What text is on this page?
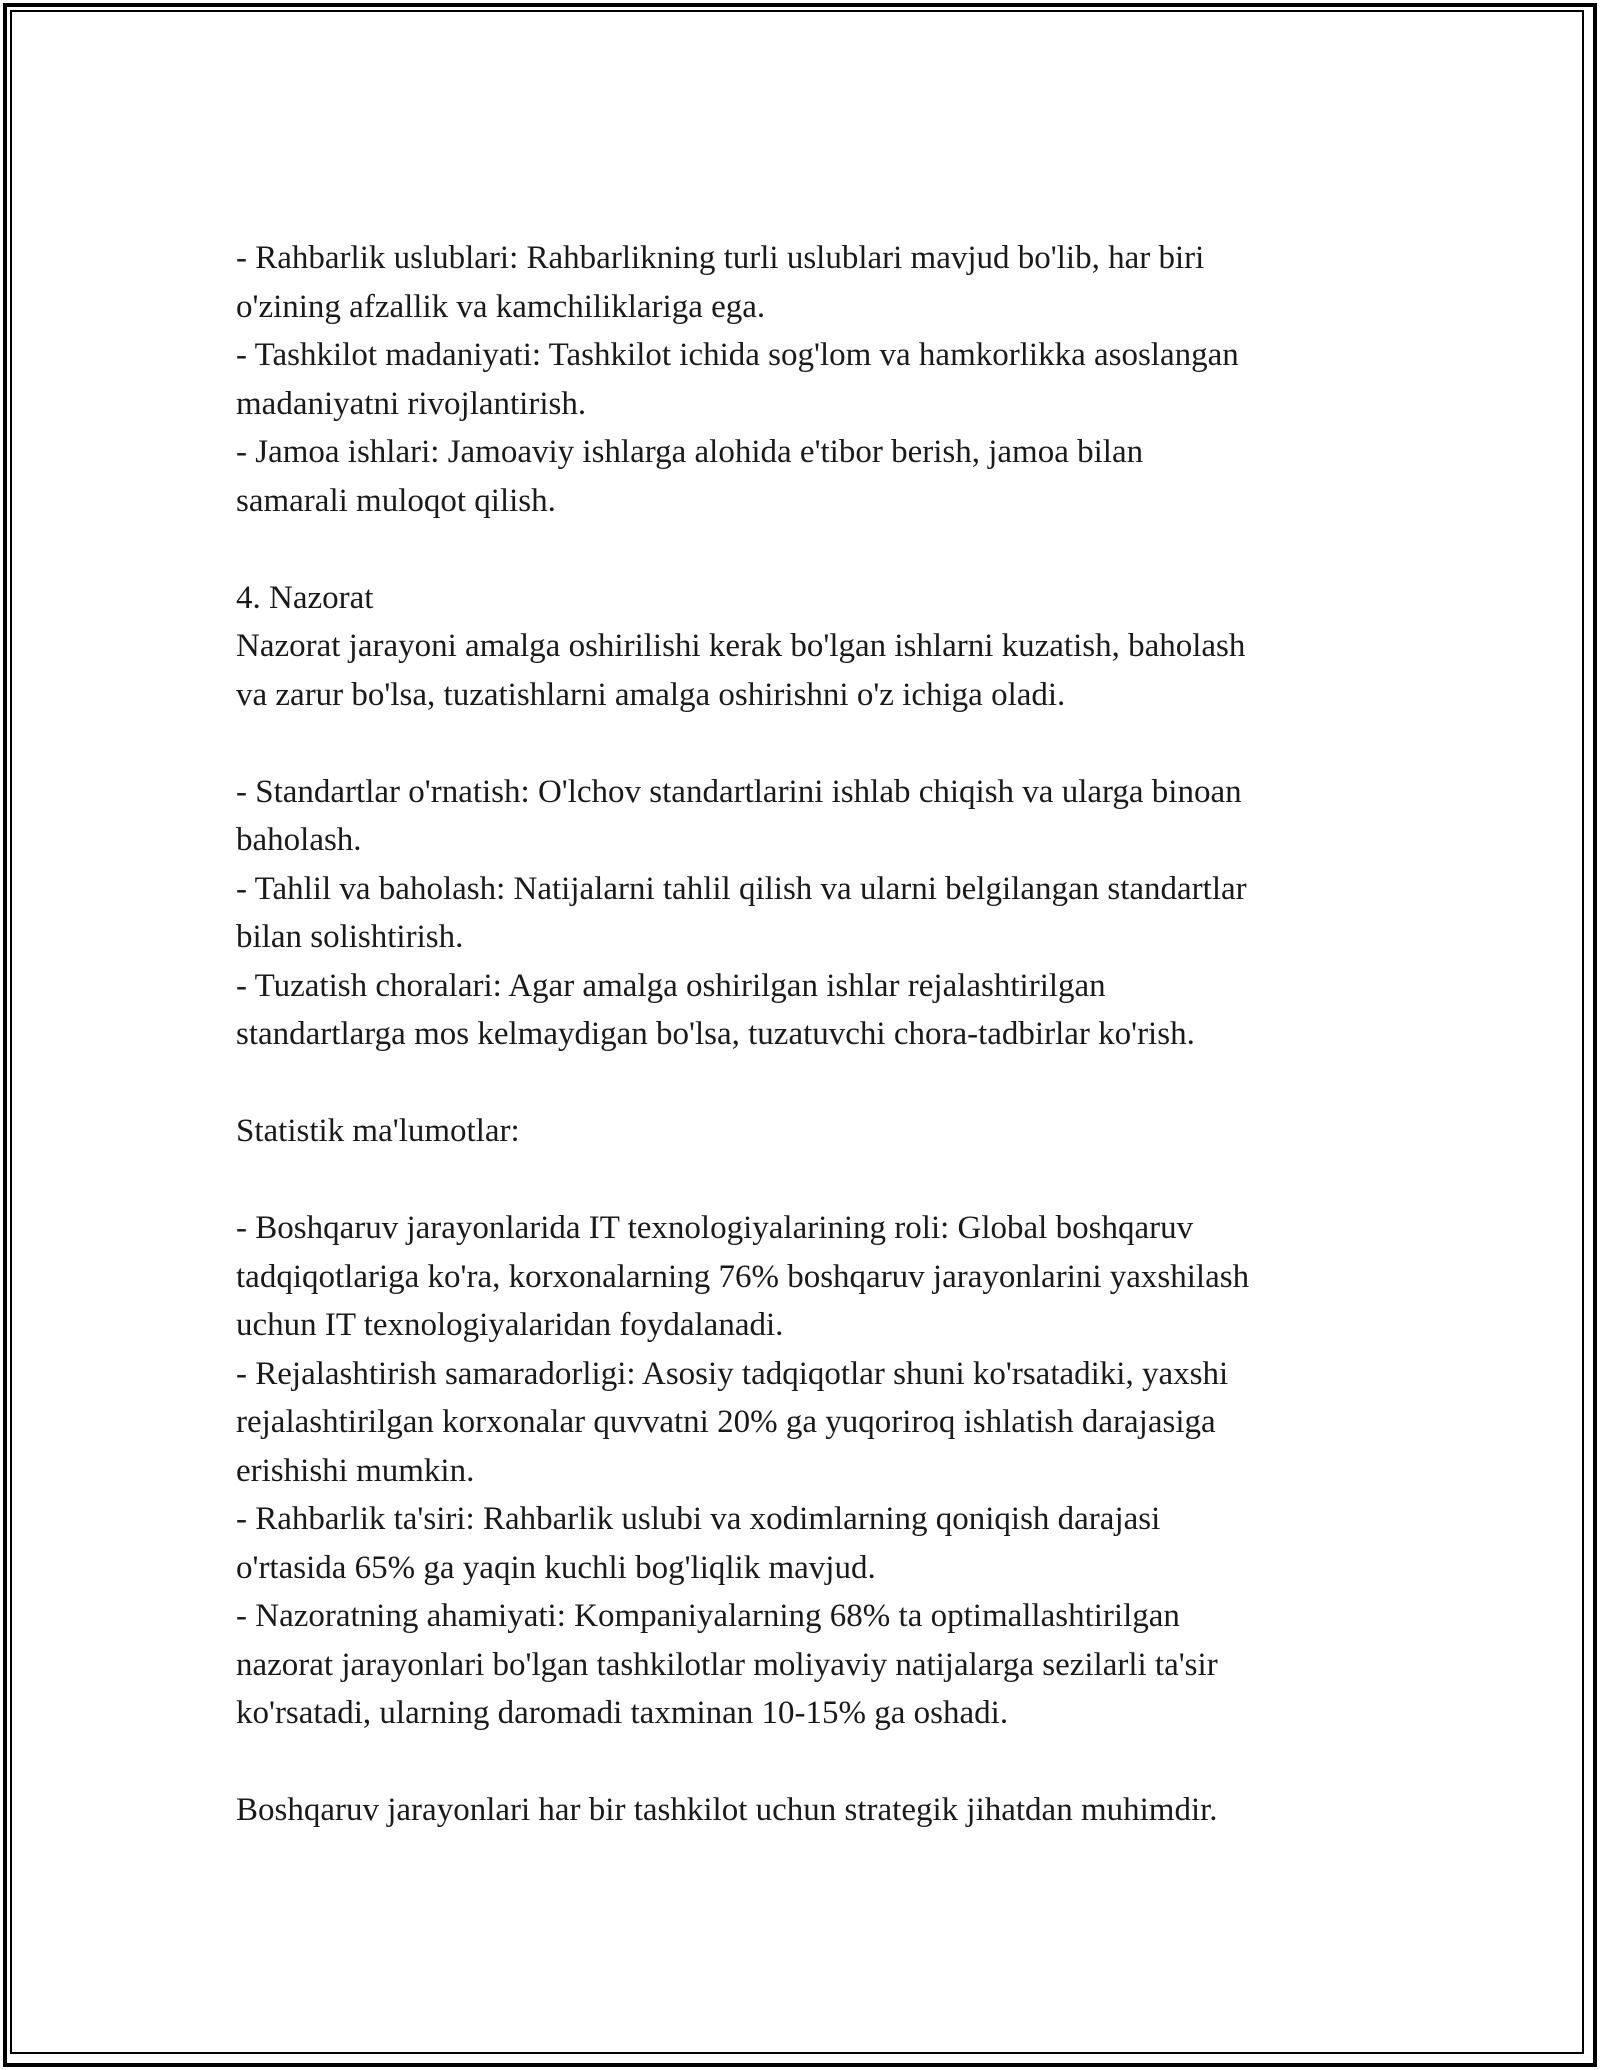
- Rahbarlik uslublari: Rahbarlikning turli uslublari mavjud bo'lib, har biri

o'zining afzallik va kamchiliklariga ega.

- Tashkilot madaniyati: Tashkilot ichida sog'lom va hamkorlikka asoslangan

madaniyatni rivojlantirish.

- Jamoa ishlari: Jamoaviy ishlarga alohida e'tibor berish, jamoa bilan

samarali muloqot qilish.

4. Nazorat

Nazorat jarayoni amalga oshirilishi kerak bo'lgan ishlarni kuzatish, baholash

va zarur bo'lsa, tuzatishlarni amalga oshirishni o'z ichiga oladi.

- Standartlar o'rnatish: O'lchov standartlarini ishlab chiqish va ularga binoan

baholash.

- Tahlil va baholash: Natijalarni tahlil qilish va ularni belgilangan standartlar

bilan solishtirish.

- Tuzatish choralari: Agar amalga oshirilgan ishlar rejalashtirilgan

standartlarga mos kelmaydigan bo'lsa, tuzatuvchi chora-tadbirlar ko'rish.

Statistik ma'lumotlar:

- Boshqaruv jarayonlarida IT texnologiyalarining roli: Global boshqaruv

tadqiqotlariga ko'ra, korxonalarning 76% boshqaruv jarayonlarini yaxshilash

uchun IT texnologiyalaridan foydalanadi.

- Rejalashtirish samaradorligi: Asosiy tadqiqotlar shuni ko'rsatadiki, yaxshi

rejalashtirilgan korxonalar quvvatni 20% ga yuqoriroq ishlatish darajasiga

erishishi mumkin.

- Rahbarlik ta'siri: Rahbarlik uslubi va xodimlarning qoniqish darajasi

o'rtasida 65% ga yaqin kuchli bog'liqlik mavjud.

- Nazoratning ahamiyati: Kompaniyalarning 68% ta optimallashtirilgan

nazorat jarayonlari bo'lgan tashkilotlar moliyaviy natijalarga sezilarli ta'sir

ko'rsatadi, ularning daromadi taxminan 10-15% ga oshadi.

Boshqaruv jarayonlari har bir tashkilot uchun strategik jihatdan muhimdir.
